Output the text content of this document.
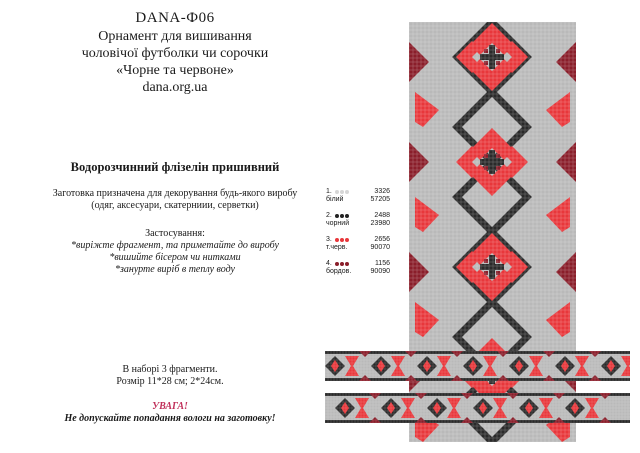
DANA-Ф06
Орнамент для вишивання
чоловічої футболки чи сорочки
«Чорне та червоне»
dana.org.ua
Водорозчинний флізелін пришивний
Заготовка призначена для декорування будь-якого виробу
(одяг, аксесуари, скатерниии, серветки)
Застосування:
*виріжте фрагмент, та приметайте до виробу
*вишийте бісером чи нитками
*занурте виріб в теплу воду
1.
білий
3326
57205
2.
чорний
2488
23980
3.
т.черв.
2656
90070
4.
бордов.
1156
90090
В наборі 3 фрагменти.
Розмір 11*28 см; 2*24см.
УВАГА!
Не допускайте попадання вологи на заготовку!
